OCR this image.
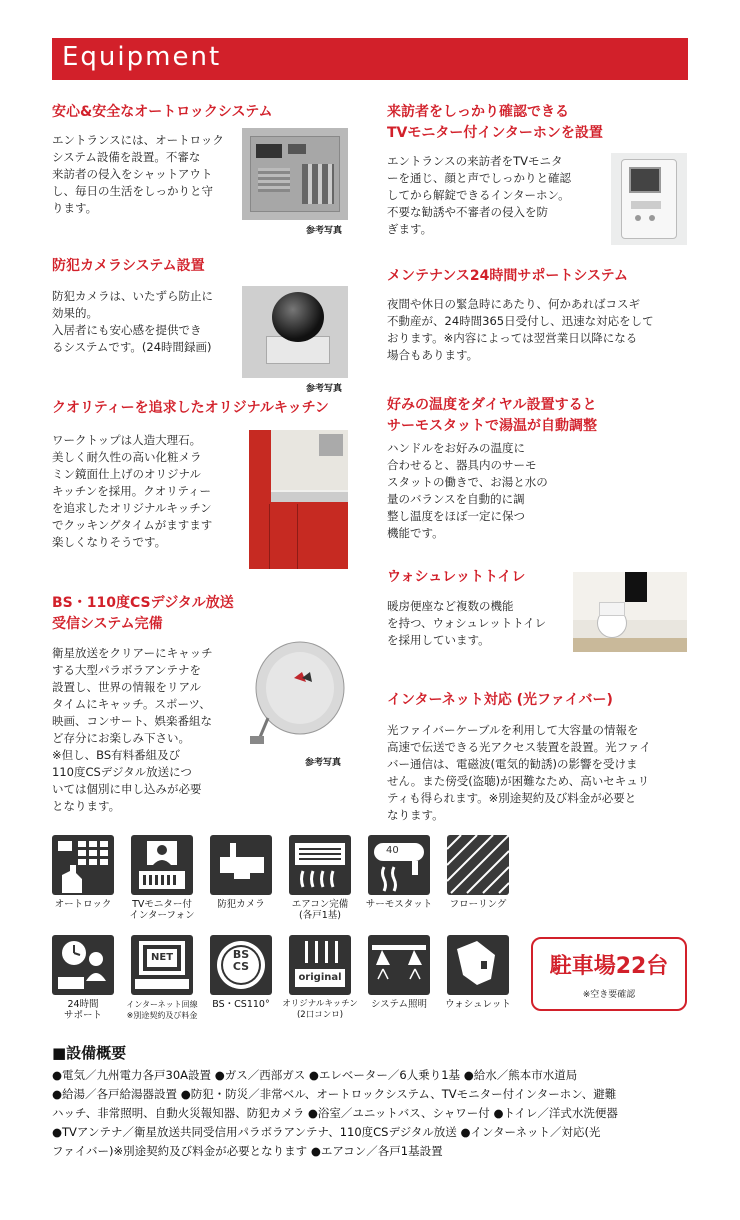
Equipment
安心&安全なオートロックシステム
エントランスには、オートロック
システム設備を設置。不審な
来訪者の侵入をシャットアウト
し、毎日の生活をしっかりと守
ります。
参考写真
防犯カメラシステム設置
防犯カメラは、いたずら防止に
効果的。
入居者にも安心感を提供でき
るシステムです。(24時間録画)
参考写真
クオリティーを追求したオリジナルキッチン
ワークトップは人造大理石。
美しく耐久性の高い化粧メラ
ミン鏡面仕上げのオリジナル
キッチンを採用。クオリティー
を追求したオリジナルキッチン
でクッキングタイムがますます
楽しくなりそうです。
BS・110度CSデジタル放送
受信システム完備
衛星放送をクリアーにキャッチ
する大型パラボラアンテナを
設置し、世界の情報をリアル
タイムにキャッチ。スポーツ、
映画、コンサート、娯楽番組な
ど存分にお楽しみ下さい。
※但し、BS有料番組及び
110度CSデジタル放送につ
いては個別に申し込みが必要
となります。
参考写真
来訪者をしっかり確認できる
TVモニター付インターホンを設置
エントランスの来訪者をTVモニタ
ーを通じ、顔と声でしっかりと確認
してから解錠できるインターホン。
不要な勧誘や不審者の侵入を防
ぎます。
メンテナンス24時間サポートシステム
夜間や休日の緊急時にあたり、何かあればコスギ
不動産が、24時間365日受付し、迅速な対応をして
おります。※内容によっては翌営業日以降になる
場合もあります。
好みの温度をダイヤル設置すると
サーモスタットで湯温が自動調整
ハンドルをお好みの温度に
合わせると、器具内のサーモ
スタットの働きで、お湯と水の
量のバランスを自動的に調
整し温度をほぼ一定に保つ
機能です。
ウォシュレットトイレ
暖房便座など複数の機能
を持つ、ウォシュレットトイレ
を採用しています。
インターネット対応 (光ファイバー)
光ファイバーケーブルを利用して大容量の情報を
高速で伝送できる光アクセス装置を設置。光ファイ
バー通信は、電磁波(電気的勧誘)の影響を受けま
せん。また傍受(盗聴)が困難なため、高いセキュリ
ティも得られます。※別途契約及び料金が必要と
なります。
オートロック	TVモニター付
インターフォン
防犯カメラ	エアコン完備
(各戸1基)
40
サーモスタット	フローリング
24時間
サポート
NET
インターネット回線
※別途契約及び料金
BS
CS
BS・CS110°
original
オリジナルキッチン
(2口コンロ)
システム照明	ウォシュレット
駐車場22台
※空き要確認
■設備概要
●電気／九州電力各戸30A設置 ●ガス／西部ガス ●エレベーター／6人乗り1基 ●給水／熊本市水道局
●給湯／各戸給湯器設置 ●防犯・防災／非常ベル、オートロックシステム、TVモニター付インターホン、避難
ハッチ、非常照明、自動火災報知器、防犯カメラ ●浴室／ユニットバス、シャワー付 ●トイレ／洋式水洗便器
●TVアンテナ／衛星放送共同受信用パラボラアンテナ、110度CSデジタル放送 ●インターネット／対応(光
ファイバー)※別途契約及び料金が必要となります ●エアコン／各戸1基設置
